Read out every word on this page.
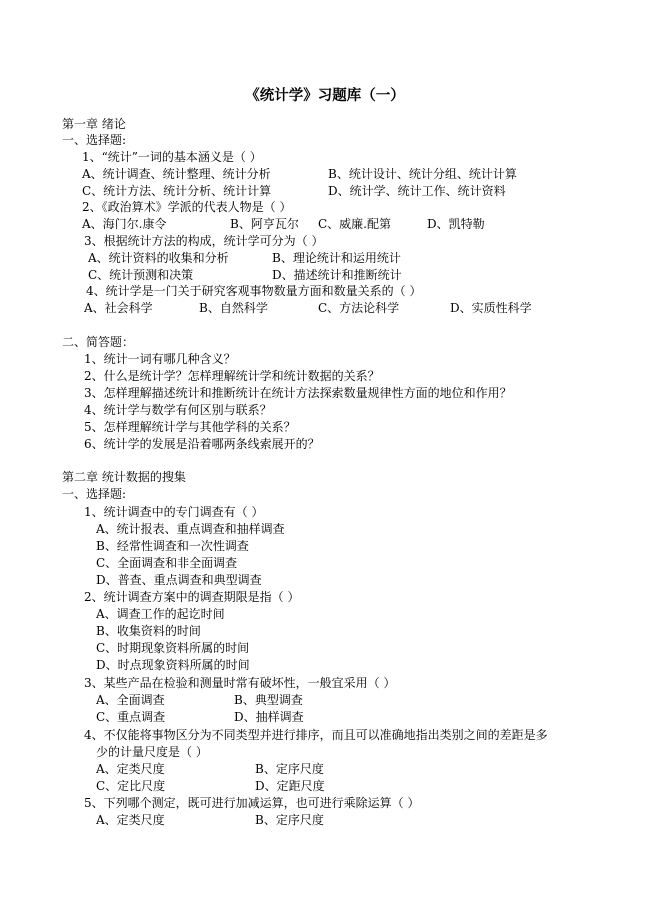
《统计学》习题库（一）
第一章 绪论
一、选择题:
1、“统计”一词的基本涵义是（ ）
A、统计调查、统计整理、统计分析	B、统计设计、统计分组、统计计算
C、统计方法、统计分析、统计计算	D、统计学、统计工作、统计资料
2、《政治算术》学派的代表人物是（ ）
A、海门尔.康令	B、阿亨瓦尔 C、威廉.配第	D、凯特勒
3、根据统计方法的构成，统计学可分为（ ）
A、统计资料的收集和分析	B、理论统计和运用统计
C、统计预测和决策	D、描述统计和推断统计
4、统计学是一门关于研究客观事物数量方面和数量关系的（ ）
A、社会科学	B、自然科学	C、方法论科学	D、实质性科学
二、简答题：
1、统计一词有哪几种含义？
2、什么是统计学？怎样理解统计学和统计数据的关系？
3、怎样理解描述统计和推断统计在统计方法探索数量规律性方面的地位和作用？
4、统计学与数学有何区别与联系？
5、怎样理解统计学与其他学科的关系？
6、统计学的发展是沿着哪两条线索展开的？
第二章 统计数据的搜集
一、选择题:
1、统计调查中的专门调查有（ ）
A、统计报表、重点调查和抽样调查
B、经常性调查和一次性调查
C、全面调查和非全面调查
D、普查、重点调查和典型调查
2、统计调查方案中的调查期限是指（ ）
A、调查工作的起讫时间
B、收集资料的时间
C、时期现象资料所属的时间
D、时点现象资料所属的时间
3、某些产品在检验和测量时常有破坏性，一般宜采用（ ）
A、全面调查	B、典型调查
C、重点调查	D、抽样调查
4、不仅能将事物区分为不同类型并进行排序，而且可以准确地指出类别之间的差距是多
少的计量尺度是（ ）
A、定类尺度	B、定序尺度
C、定比尺度	D、定距尺度
5、下列哪个测定，既可进行加减运算，也可进行乘除运算（ ）
A、定类尺度	B、定序尺度
